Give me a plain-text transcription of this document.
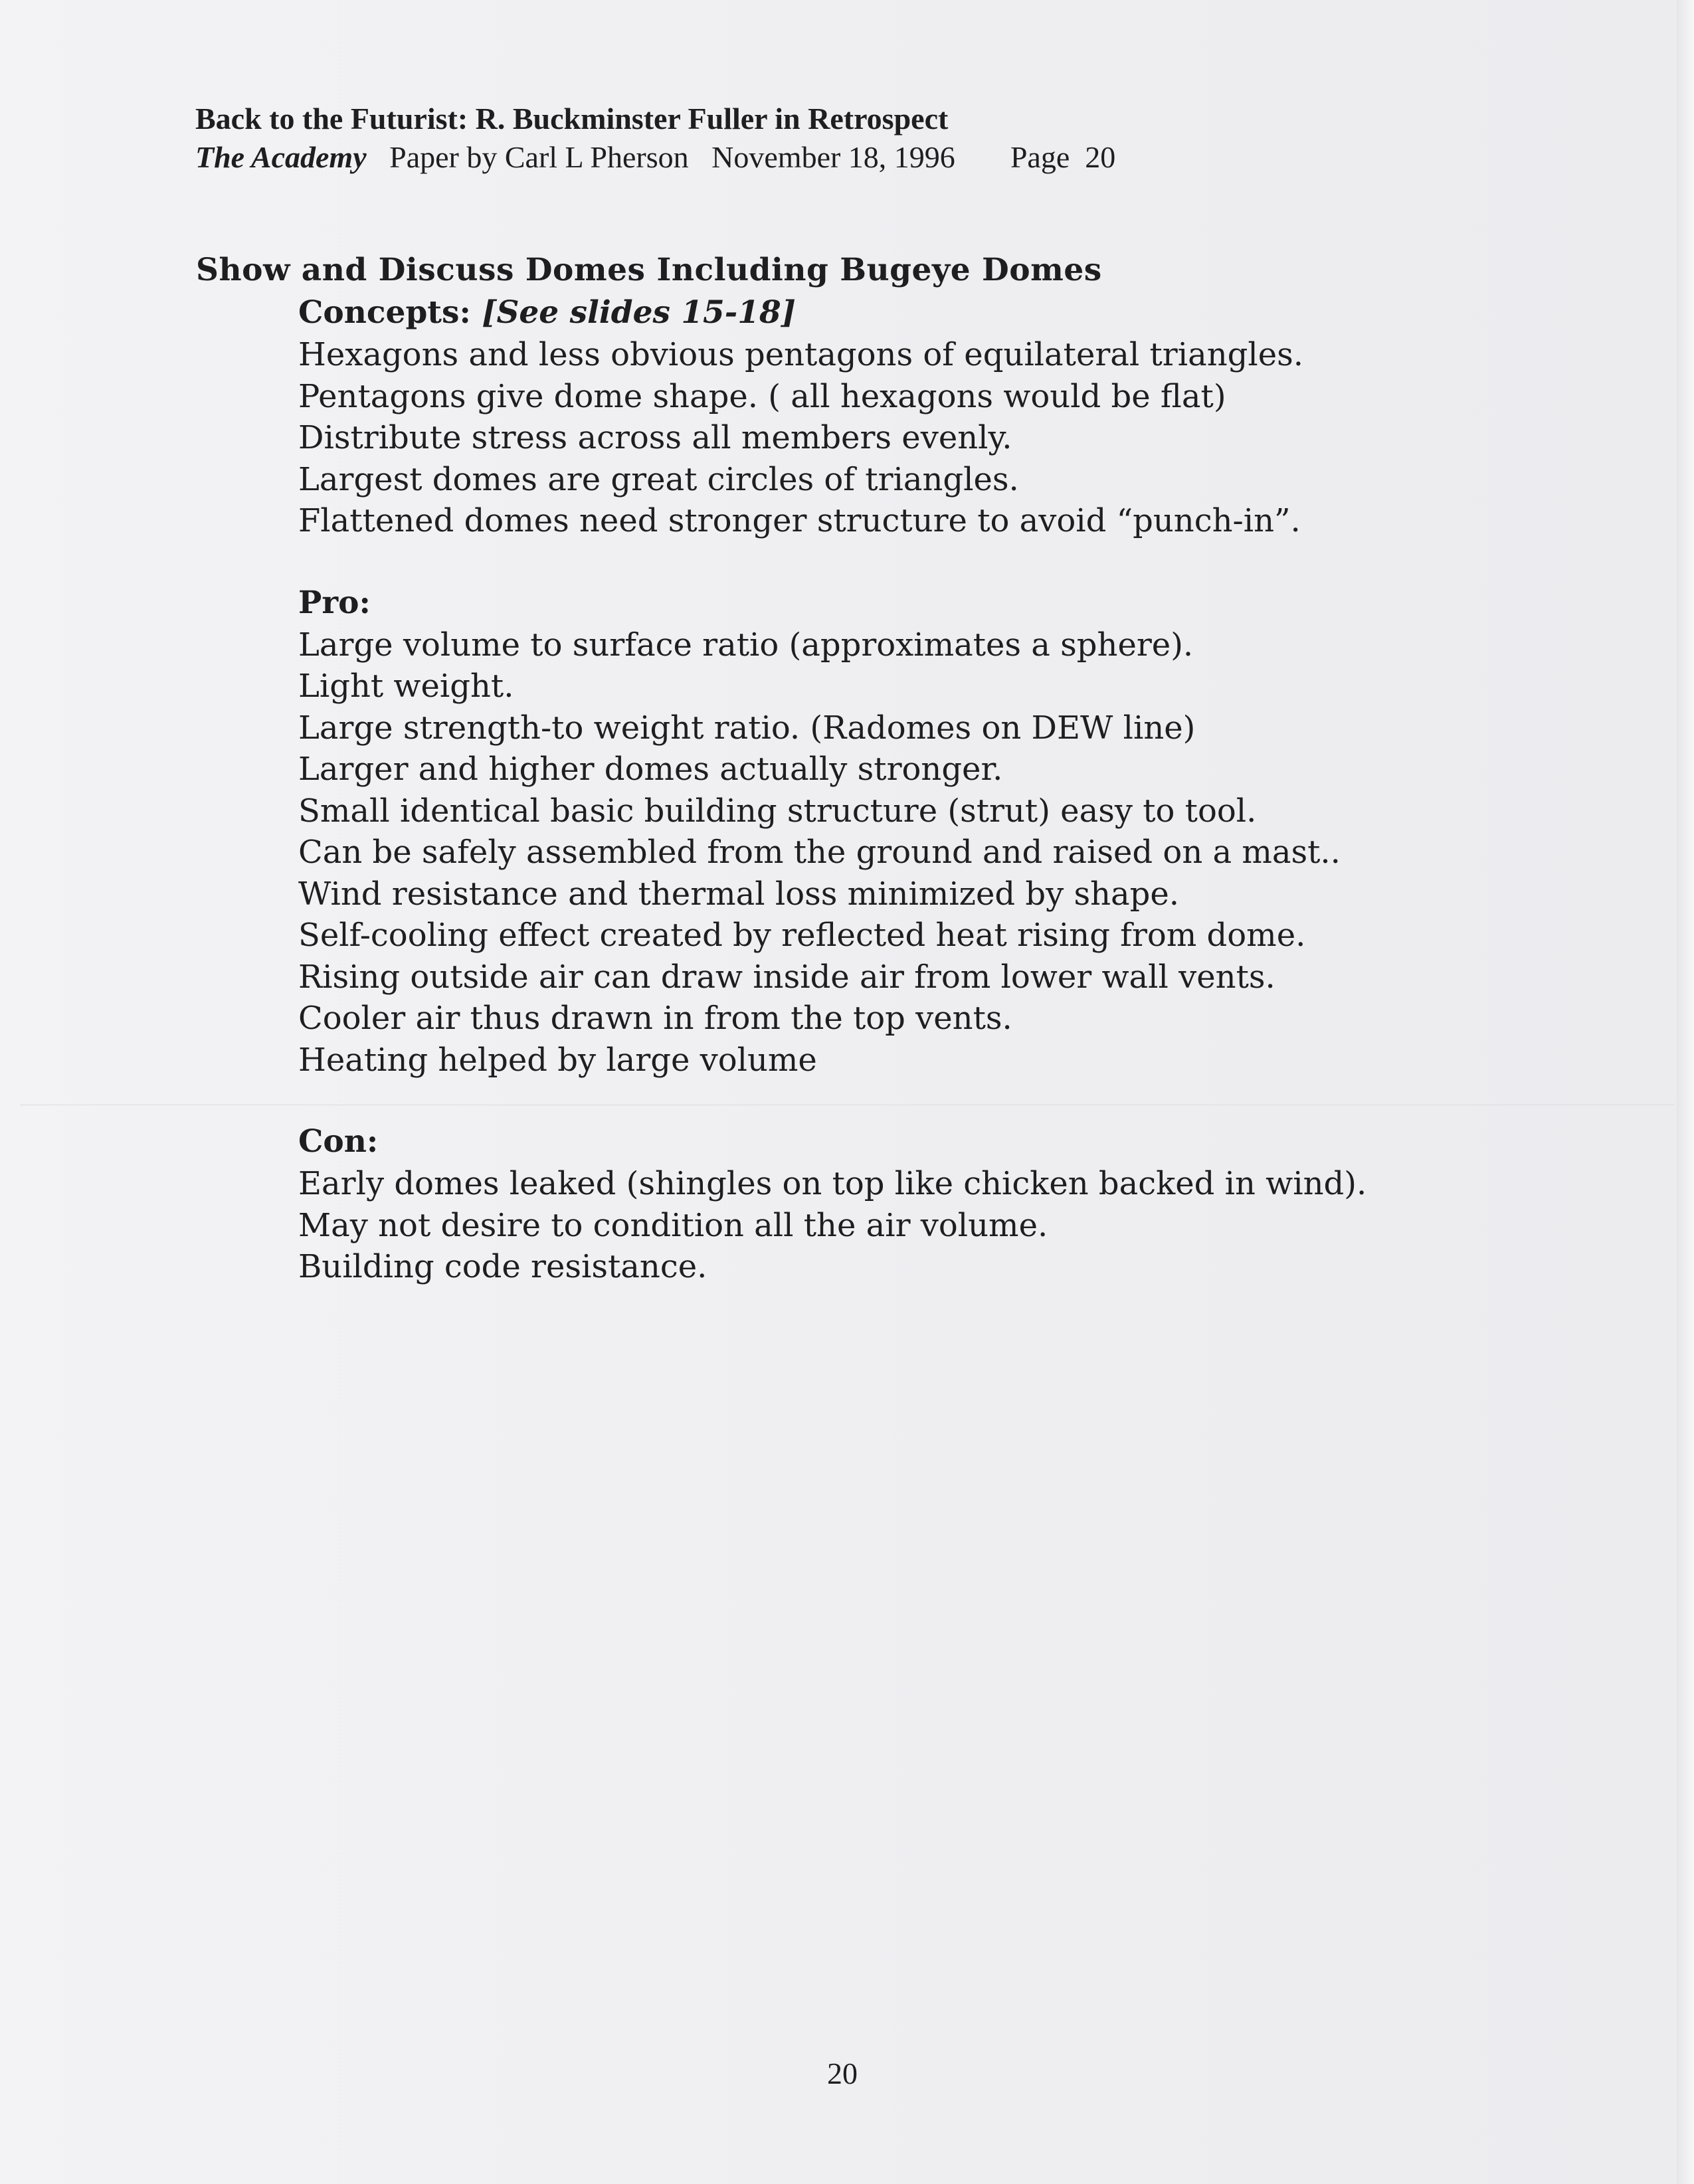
Back to the Futurist: R. Buckminster Fuller in Retrospect
The Academy Paper by Carl L Pherson November 18, 1996 Page 20
Show and Discuss Domes Including Bugeye Domes
Concepts: [See slides 15-18]
Hexagons and less obvious pentagons of equilateral triangles.
Pentagons give dome shape. ( all hexagons would be flat)
Distribute stress across all members evenly.
Largest domes are great circles of triangles.
Flattened domes need stronger structure to avoid “punch-in”.
Pro:
Large volume to surface ratio (approximates a sphere).
Light weight.
Large strength-to weight ratio. (Radomes on DEW line)
Larger and higher domes actually stronger.
Small identical basic building structure (strut) easy to tool.
Can be safely assembled from the ground and raised on a mast..
Wind resistance and thermal loss minimized by shape.
Self-cooling effect created by reflected heat rising from dome.
Rising outside air can draw inside air from lower wall vents.
Cooler air thus drawn in from the top vents.
Heating helped by large volume
Con:
Early domes leaked (shingles on top like chicken backed in wind).
May not desire to condition all the air volume.
Building code resistance.
20
